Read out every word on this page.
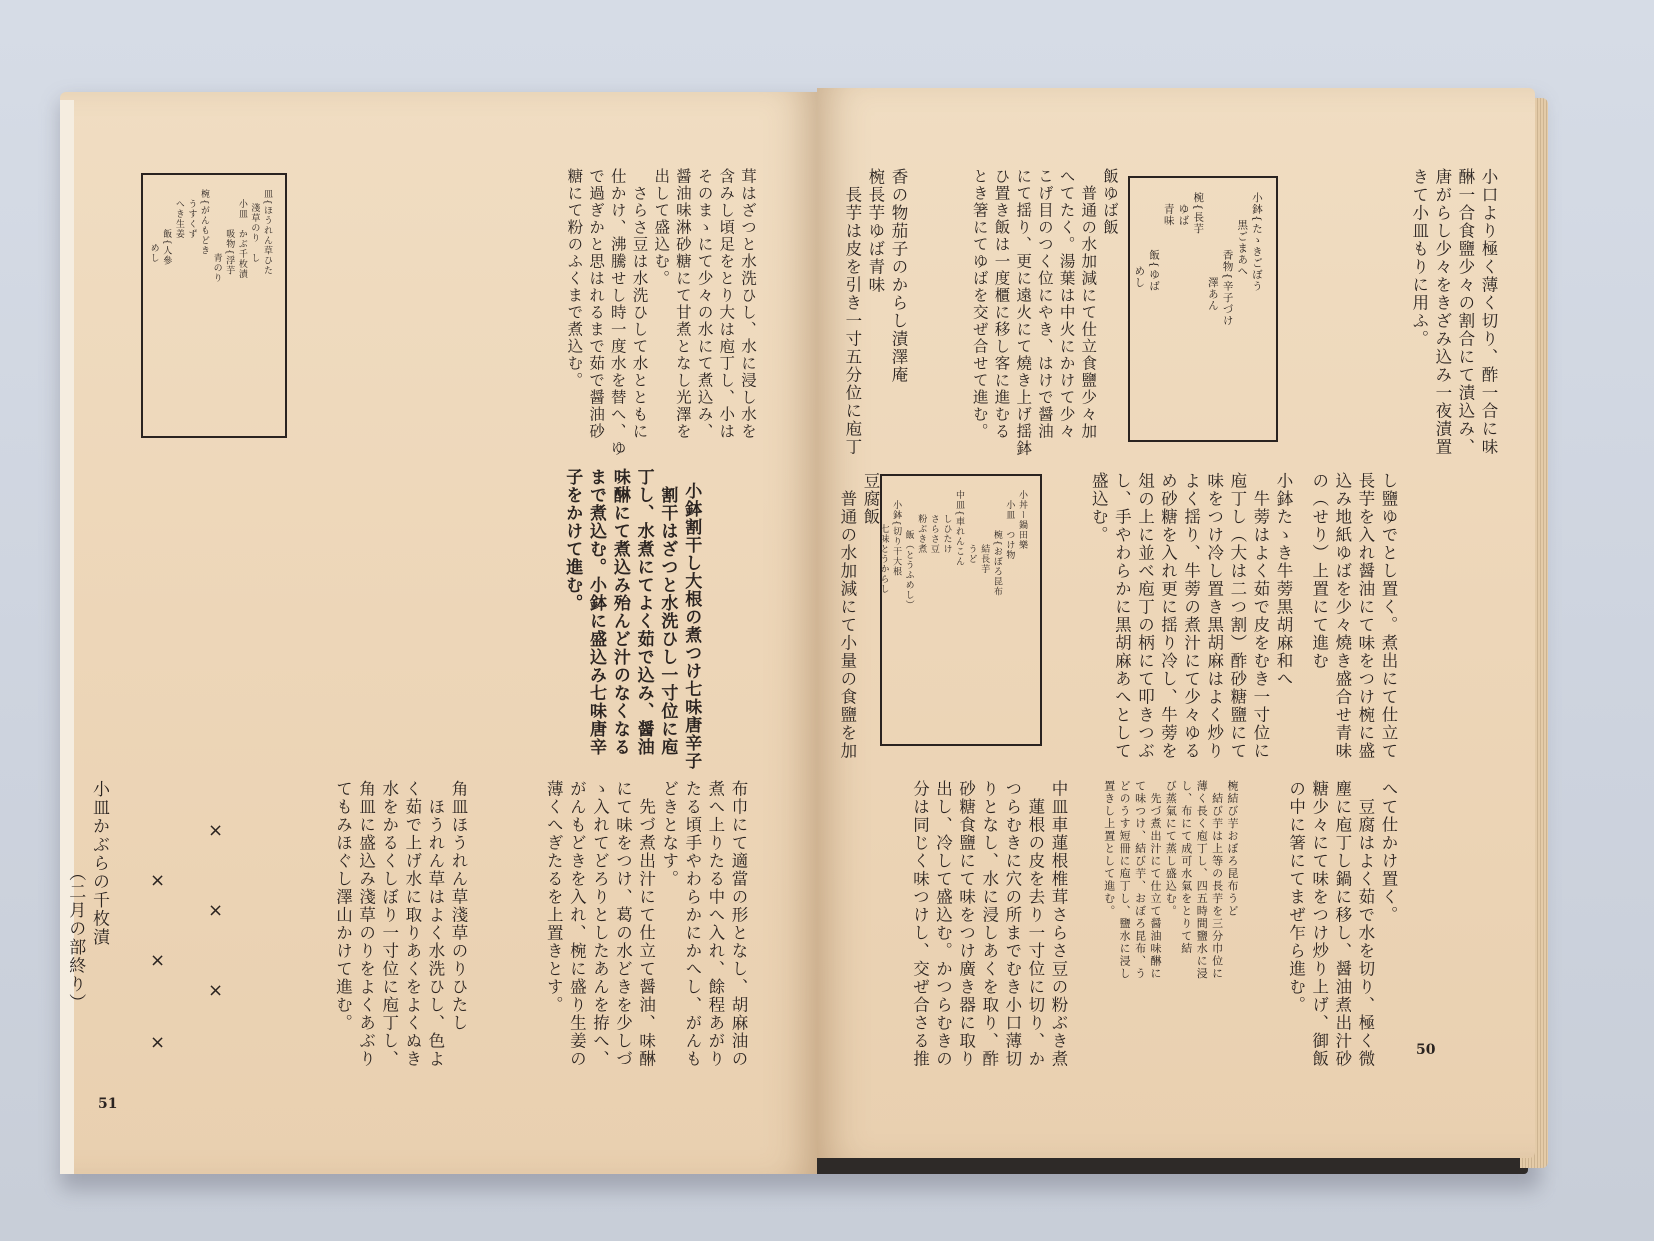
皿{ほうれん草ひた
　 淺草のり　し
　小皿　かぶ千枚漬
　　　　吸物{浮芋
　　　　　　 青のり
椀{がんもどき
　うすくず
　へき生姜
　　　　飯{人參
　　　　　 めし	茸はざつと水洗ひし、水に浸し水を
含みし頃足をとり大は庖丁し、小は
そのまゝにて少々の水にて煮込み、
醤油味淋砂糖にて甘煮となし光澤を
出して盛込む。
　さらさ豆は水洗ひして水とともに
仕かけ、沸騰せし時一度水を替へ、ゆ
で過ぎかと思はれるまで茹で醤油砂
糖にて粉のふくまで煮込む。

小鉢割干し大根の煮つけ七味唐辛子
　割干はざつと水洗ひし一寸位に庖
丁し、水煮にてよく茹で込み、醤油
味醂にて煮込み殆んど汁のなくなる
まで煮込む。小鉢に盛込み七味唐辛
子をかけて進む。

角皿ほうれん草淺草のりひたし
　ほうれん草はよく水洗ひし、色よ
く茹で上げ水に取りあくをよくぬき
水をかるくしぼり一寸位に庖丁し、
角皿に盛込み淺草のりをよくあぶり
てもみほぐし澤山かけて進む。	布巾にて適當の形となし、胡麻油の
煮へ上りたる中へ入れ、餘程あがり
たる頃手やわらかにかへし、がんも
どきとなす。
　先づ煮出汁にて仕立て醤油、味醂
にて味をつけ、葛の水どきを少しづ
ゝ入れてどろりとしたあんを拵へ、
がんもどきを入れ、椀に盛り生姜の
薄くへぎたるを上置きとす。
小皿かぶらの千枚漬
　　　　　（二月の部終り）
×
×
×
×
×
×
51
小口より極く薄く切り、酢一合に味
醂一合食鹽少々の割合にて漬込み、
唐がらし少々をきざみ込み一夜漬置
きて小皿もりに用ふ。
小鉢{たゝきごぼう
　　 黒ごまあへ
　　　　　香物{辛子づけ
　　　　　　　 澤あん
椀{長芋
　ゆば
　青味
　　　　　飯{ゆば
　　　　　　 めし
飯ゆば飯
　普通の水加減にて仕立食鹽少々加
へてたく。湯葉は中火にかけて少々
こげ目のつく位にやき、はけで醤油
にて揺り、更に遠火にて燒き上げ揺鉢
ひ置き飯は一度櫃に移し客に進むる
とき箸にてゆばを交ぜ合せて進む。
香の物茄子のからし漬澤庵
椀長芋ゆば青味
　長芋は皮を引き一寸五分位に庖丁
し鹽ゆでとし置く。煮出にて仕立て
長芋を入れ醤油にて味をつけ椀に盛
込み地紙ゆばを少々燒き盛合せ青味
の（せり）上置にて進む
小鉢たゝき牛蒡黒胡麻和へ
　牛蒡はよく茹で皮をむき一寸位に
庖丁し（大は二つ割）酢砂糖鹽にて
味をつけ冷し置き黒胡麻はよく炒り
よく揺り、牛蒡の煮汁にて少々ゆる
め砂糖を入れ更に揺り冷し、牛蒡を
俎の上に並べ庖丁の柄にて叩きつぶ
し、手やわらかに黒胡麻あへとして
盛込む。
小丼ー鍋田樂
　小皿　つけ物
　　　　椀{おぼろ昆布
　　　　　 結長芋
　　　　　 うど
中皿{車れんこん
　　 しひたけ
　　 さらさ豆
　　 粉ぶき煮
　　　　飯（とうふめし）
　小鉢{切り干大根
　　　 七味とうからし
豆腐飯
　普通の水加減にて小量の食鹽を加
へて仕かけ置く。
　豆腐はよく茹で水を切り、極く微
塵に庖丁し鍋に移し、醤油煮出汁砂
糖少々にて味をつけ炒り上げ、御飯
の中に箸にてまぜ乍ら進む。
椀結び芋おぼろ昆布うど
　結び芋は上等の長芋を三分巾位に
薄く長く庖丁し、四五時間鹽水に浸
し、布にて成可水氣をとりて結
び蒸氣にて蒸し盛込む。
　先づ煮出汁にて仕立て醤油味醂に
て味つけ、結び芋、おぼろ昆布、う
どのうす短冊に庖丁し、鹽水に浸し
置きし上置として進む。
中皿車蓮根椎茸さらさ豆の粉ぶき煮
　蓮根の皮を去り一寸位に切り、か
つらむきに穴の所までむき小口薄切
りとなし、水に浸しあくを取り、酢
砂糖食鹽にて味をつけ廣き器に取り
出し、冷して盛込む。かつらむきの
分は同じく味つけし、交ぜ合さる推	50
